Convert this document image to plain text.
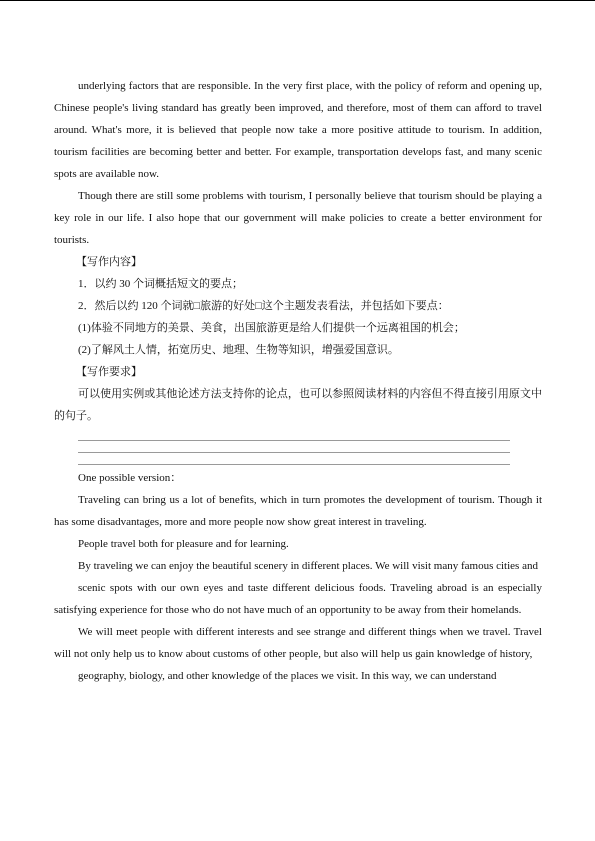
underlying factors that are responsible. In the very first place, with the policy of reform and opening up, Chinese people's living standard has greatly been improved, and therefore, most of them can afford to travel around. What's more, it is believed that people now take a more positive attitude to tourism. In addition, tourism facilities are becoming better and better. For example, transportation develops fast, and many scenic spots are available now.

Though there are still some problems with tourism, I personally believe that tourism should be playing a key role in our life. I also hope that our government will make policies to create a better environment for tourists.

【写作内容】

1．以约 30 个词概括短文的要点；

2．然后以约 120 个词就□旅游的好处□这个主题发表看法，并包括如下要点：

(1)体验不同地方的美景、美食，出国旅游更是给人们提供一个远离祖国的机会；

(2)了解风土人情，拓宽历史、地理、生物等知识，增强爱国意识。

【写作要求】

可以使用实例或其他论述方法支持你的论点，也可以参照阅读材料的内容但不得直接引用原文中的句子。

One possible version：

Traveling can bring us a lot of benefits, which in turn promotes the development of tourism. Though it has some disadvantages, more and more people now show great interest in traveling.

People travel both for pleasure and for learning.

By traveling we can enjoy the beautiful scenery in different places. We will visit many famous cities and

scenic spots with our own eyes and taste different delicious foods. Traveling abroad is an especially satisfying experience for those who do not have much of an opportunity to be away from their homelands.

We will meet people with different interests and see strange and different things when we travel. Travel will not only help us to know about customs of other people, but also will help us gain knowledge of history,

geography, biology, and other knowledge of the places we visit. In this way, we can understand
